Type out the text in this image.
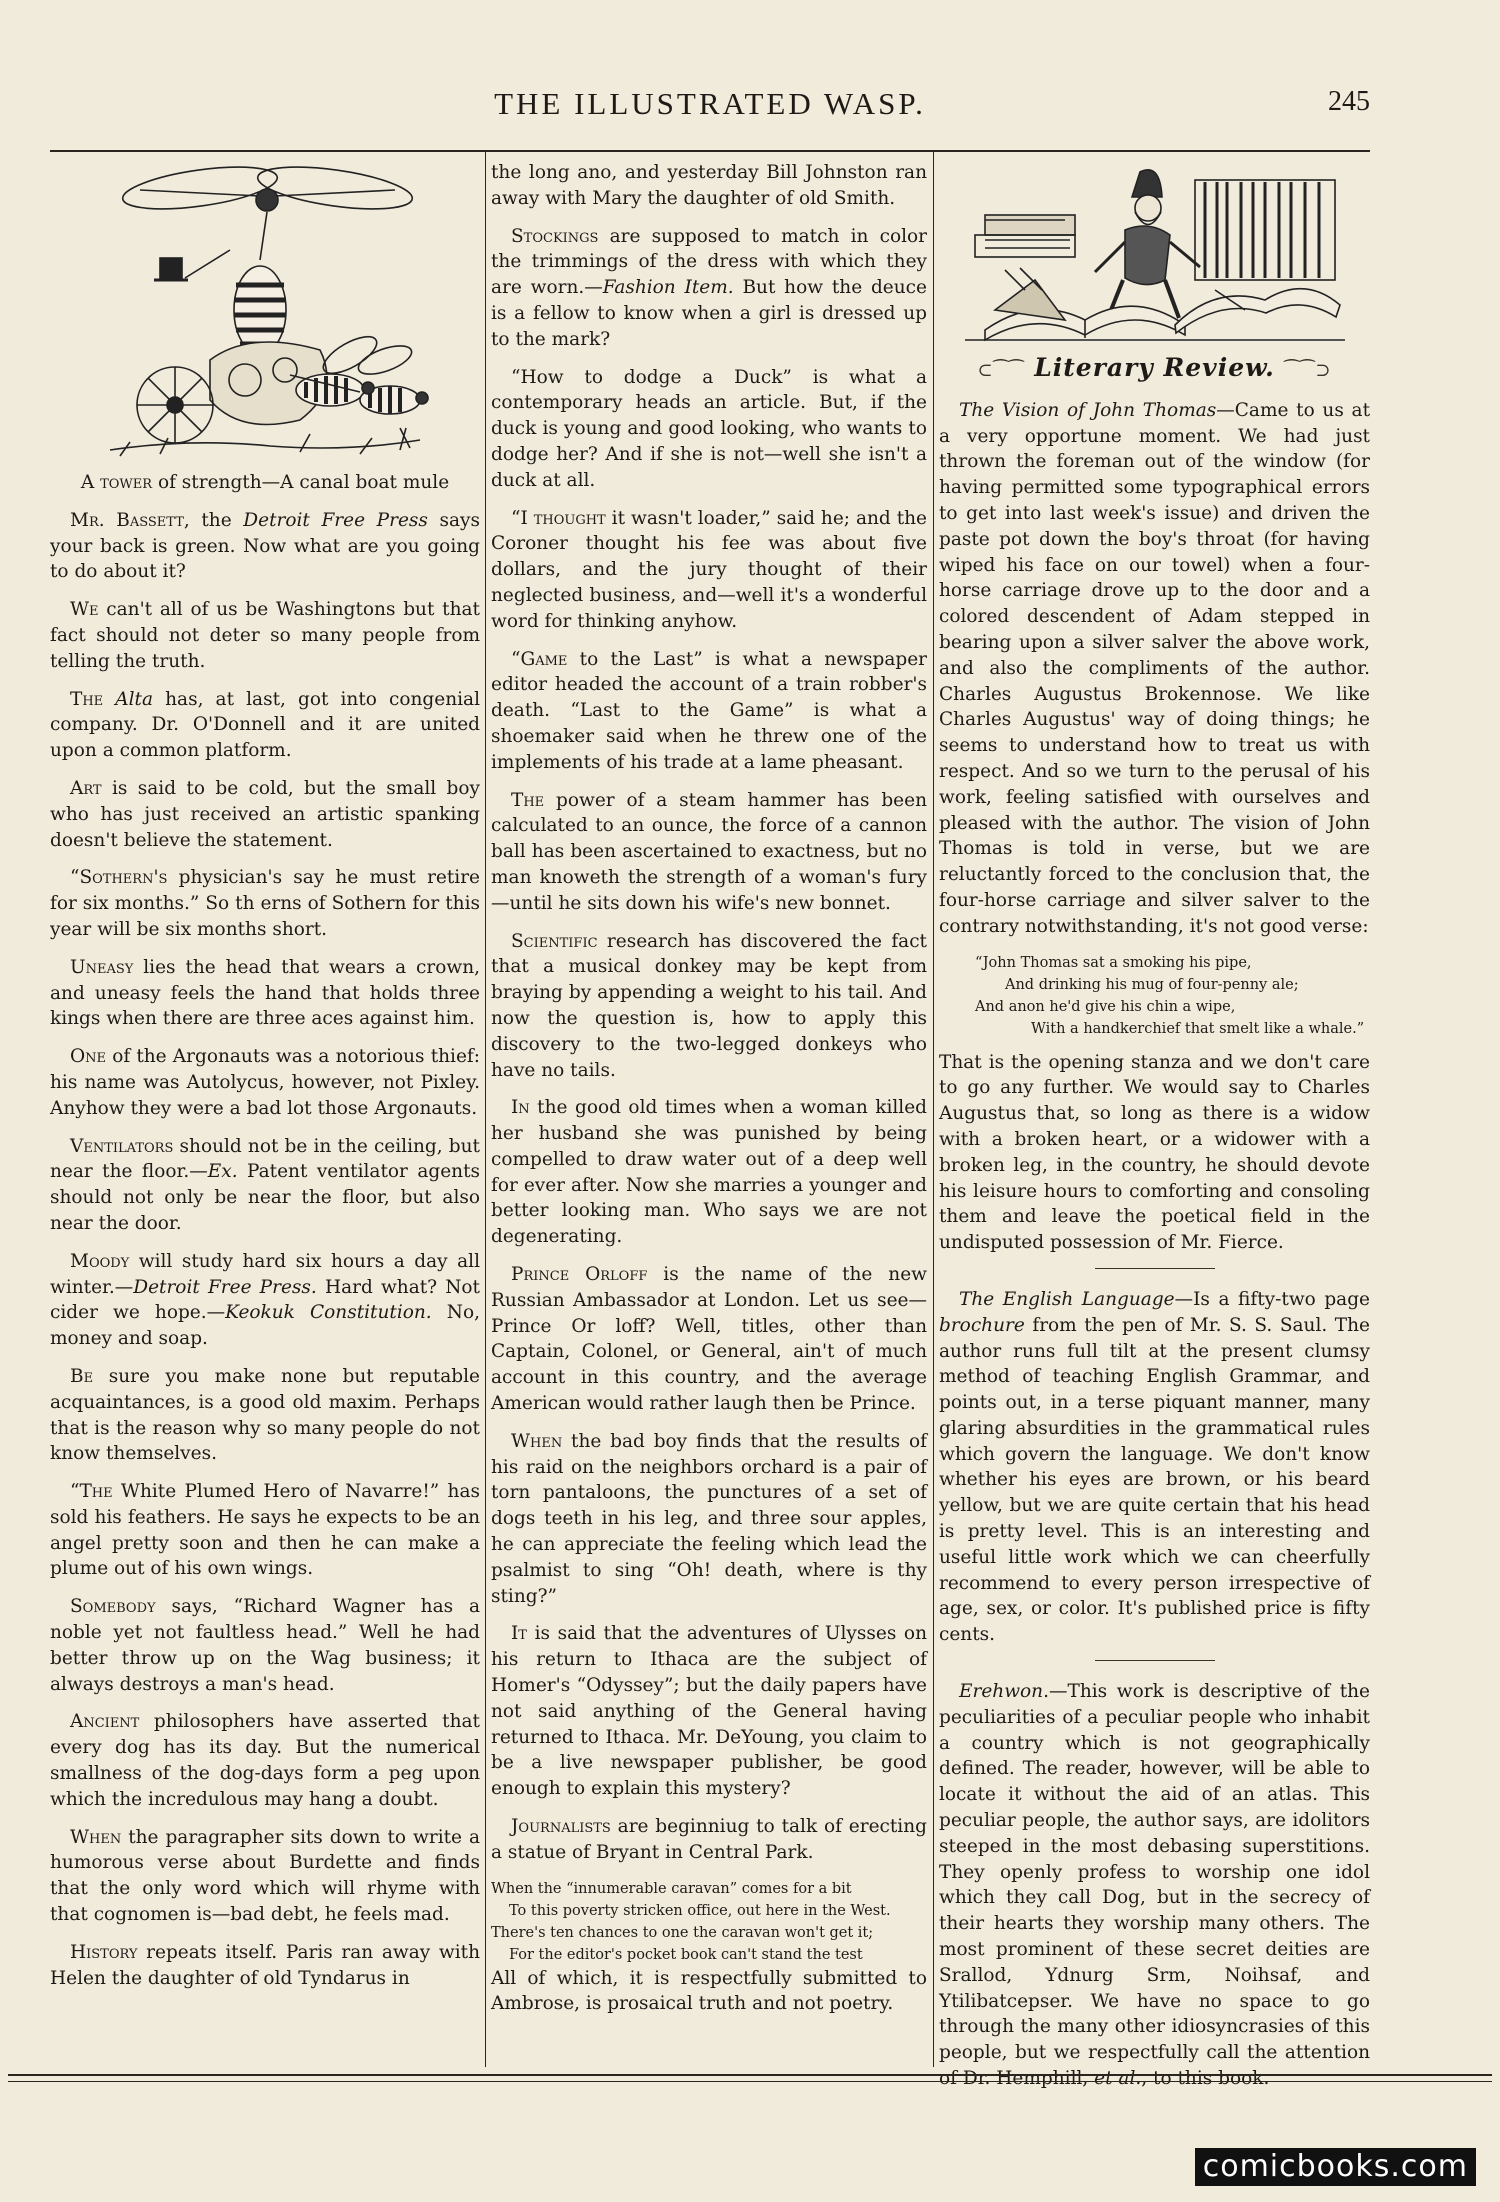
THE ILLUSTRATED WASP.	245

A tower of strength—A canal boat mule

Mr. Bassett, the Detroit Free Press says your back is green. Now what are you going to do about it?

We can't all of us be Washingtons but that fact should not deter so many people from telling the truth.

The Alta has, at last, got into congenial company. Dr. O'Donnell and it are united upon a common platform.

Art is said to be cold, but the small boy who has just received an artistic spanking doesn't believe the statement.

“Sothern's physician's say he must retire for six months.” So th erns of Sothern for this year will be six months short.

Uneasy lies the head that wears a crown, and uneasy feels the hand that holds three kings when there are three aces against him.

One of the Argonauts was a notorious thief: his name was Autolycus, however, not Pixley. Anyhow they were a bad lot those Argonauts.

Ventilators should not be in the ceiling, but near the floor.—Ex. Patent ventilator agents should not only be near the floor, but also near the door.

Moody will study hard six hours a day all winter.—Detroit Free Press. Hard what? Not cider we hope.—Keokuk Constitution. No, money and soap.

Be sure you make none but reputable acquaintances, is a good old maxim. Perhaps that is the reason why so many people do not know themselves.

“The White Plumed Hero of Navarre!” has sold his feathers. He says he expects to be an angel pretty soon and then he can make a plume out of his own wings.

Somebody says, “Richard Wagner has a noble yet not faultless head.” Well he had better throw up on the Wag business; it always destroys a man's head.

Ancient philosophers have asserted that every dog has its day. But the numerical smallness of the dog-days form a peg upon which the incredulous may hang a doubt.

When the paragrapher sits down to write a humorous verse about Burdette and finds that the only word which will rhyme with that cognomen is—bad debt, he feels mad.

History repeats itself. Paris ran away with Helen the daughter of old Tyndarus in

the long ano, and yesterday Bill Johnston ran away with Mary the daughter of old Smith.

Stockings are supposed to match in color the trimmings of the dress with which they are worn.—Fashion Item. But how the deuce is a fellow to know when a girl is dressed up to the mark?

“How to dodge a Duck” is what a contemporary heads an article. But, if the duck is young and good looking, who wants to dodge her? And if she is not—well she isn't a duck at all.

“I thought it wasn't loader,” said he; and the Coroner thought his fee was about five dollars, and the jury thought of their neglected business, and—well it's a wonderful word for thinking anyhow.

“Game to the Last” is what a newspaper editor headed the account of a train robber's death. “Last to the Game” is what a shoemaker said when he threw one of the implements of his trade at a lame pheasant.

The power of a steam hammer has been calculated to an ounce, the force of a cannon ball has been ascertained to exactness, but no man knoweth the strength of a woman's fury—until he sits down his wife's new bonnet.

Scientific research has discovered the fact that a musical donkey may be kept from braying by appending a weight to his tail. And now the question is, how to apply this discovery to the two-legged donkeys who have no tails.

In the good old times when a woman killed her husband she was punished by being compelled to draw water out of a deep well for ever after. Now she marries a younger and better looking man. Who says we are not degenerating.

Prince Orloff is the name of the new Russian Ambassador at London. Let us see—Prince Or loff? Well, titles, other than Captain, Colonel, or General, ain't of much account in this country, and the average American would rather laugh then be Prince.

When the bad boy finds that the results of his raid on the neighbors orchard is a pair of torn pantaloons, the punctures of a set of dogs teeth in his leg, and three sour apples, he can appreciate the feeling which lead the psalmist to sing “Oh! death, where is thy sting?”

It is said that the adventures of Ulysses on his return to Ithaca are the subject of Homer's “Odyssey”; but the daily papers have not said anything of the General having returned to Ithaca. Mr. DeYoung, you claim to be a live newspaper publisher, be good enough to explain this mystery?

Journalists are beginniug to talk of erecting a statue of Bryant in Central Park.

When the “innumerable caravan” comes for a bit
To this poverty stricken office, out here in the West.
There's ten chances to one the caravan won't get it;
For the editor's pocket book can't stand the test

All of which, it is respectfully submitted to Ambrose, is prosaical truth and not poetry.

⊂⁀⁀ Literary Review. ⁀⁀⊃

The Vision of John Thomas—Came to us at a very opportune moment. We had just thrown the foreman out of the window (for having permitted some typographical errors to get into last week's issue) and driven the paste pot down the boy's throat (for having wiped his face on our towel) when a four-horse carriage drove up to the door and a colored descendent of Adam stepped in bearing upon a silver salver the above work, and also the compliments of the author. Charles Augustus Brokennose. We like Charles Augustus' way of doing things; he seems to understand how to treat us with respect. And so we turn to the perusal of his work, feeling satisfied with ourselves and pleased with the author. The vision of John Thomas is told in verse, but we are reluctantly forced to the conclusion that, the four-horse carriage and silver salver to the contrary notwithstanding, it's not good verse:

“John Thomas sat a smoking his pipe,
And drinking his mug of four-penny ale;
And anon he'd give his chin a wipe,
With a handkerchief that smelt like a whale.”

That is the opening stanza and we don't care to go any further. We would say to Charles Augustus that, so long as there is a widow with a broken heart, or a widower with a broken leg, in the country, he should devote his leisure hours to comforting and consoling them and leave the poetical field in the undisputed possession of Mr. Fierce.

The English Language—Is a fifty-two page brochure from the pen of Mr. S. S. Saul. The author runs full tilt at the present clumsy method of teaching English Grammar, and points out, in a terse piquant manner, many glaring absurdities in the grammatical rules which govern the language. We don't know whether his eyes are brown, or his beard yellow, but we are quite certain that his head is pretty level. This is an interesting and useful little work which we can cheerfully recommend to every person irrespective of age, sex, or color. It's published price is fifty cents.

Erehwon.—This work is descriptive of the peculiarities of a peculiar people who inhabit a country which is not geographically defined. The reader, however, will be able to locate it without the aid of an atlas. This peculiar people, the author says, are idolitors steeped in the most debasing superstitions. They openly profess to worship one idol which they call Dog, but in the secrecy of their hearts they worship many others. The most prominent of these secret deities are Srallod, Ydnurg Srm, Noihsaf, and Ytilibatcepser. We have no space to go through the many other idiosyncrasies of this people, but we respectfully call the attention of Dr. Hemphill, et al., to this book.

comicbooks.com
